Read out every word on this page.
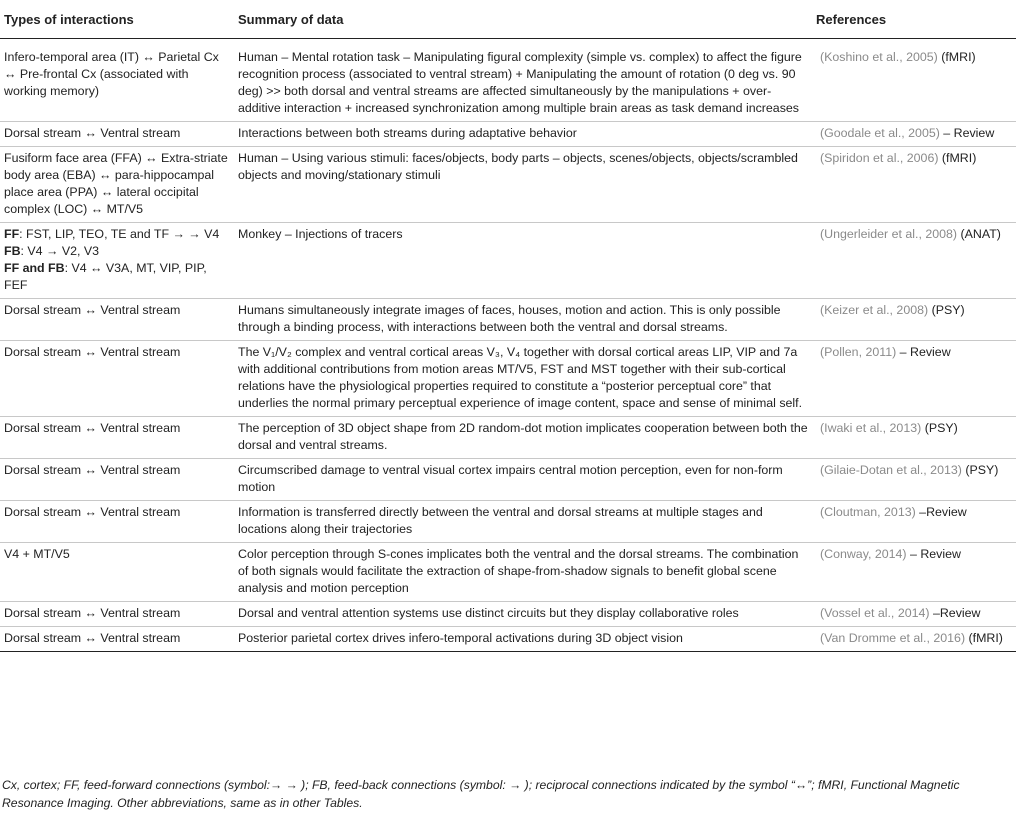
Types of interactions	Summary of data	References
Infero-temporal area (IT) ↔ Parietal Cx ↔ Pre-frontal Cx (associated with working memory)	Human – Mental rotation task – Manipulating figural complexity (simple vs. complex) to affect the figure recognition process (associated to ventral stream) + Manipulating the amount of rotation (0 deg vs. 90 deg) >> both dorsal and ventral streams are affected simultaneously by the manipulations + over-additive interaction + increased synchronization among multiple brain areas as task demand increases	(Koshino et al., 2005) (fMRI)
Dorsal stream ↔ Ventral stream	Interactions between both streams during adaptative behavior	(Goodale et al., 2005) – Review
Fusiform face area (FFA) ↔ Extra-striate body area (EBA) ↔ para-hippocampal place area (PPA) ↔ lateral occipital complex (LOC) ↔ MT/V5	Human – Using various stimuli: faces/objects, body parts – objects, scenes/objects, objects/scrambled objects and moving/stationary stimuli	(Spiridon et al., 2006) (fMRI)

FF: FST, LIP, TEO, TE and TF → → V4
FB: V4 → V2, V3
FF and FB: V4 ↔ V3A, MT, VIP, PIP, FEF	Monkey – Injections of tracers	(Ungerleider et al., 2008) (ANAT)
Dorsal stream ↔ Ventral stream	Humans simultaneously integrate images of faces, houses, motion and action. This is only possible through a binding process, with interactions between both the ventral and dorsal streams.	(Keizer et al., 2008) (PSY)
Dorsal stream ↔ Ventral stream	The V₁/V₂ complex and ventral cortical areas V₃, V₄ together with dorsal cortical areas LIP, VIP and 7a with additional contributions from motion areas MT/V5, FST and MST together with their sub-cortical relations have the physiological properties required to constitute a “posterior perceptual core” that underlies the normal primary perceptual experience of image content, space and sense of minimal self.	(Pollen, 2011) – Review
Dorsal stream ↔ Ventral stream	The perception of 3D object shape from 2D random-dot motion implicates cooperation between both the dorsal and ventral streams.	(Iwaki et al., 2013) (PSY)
Dorsal stream ↔ Ventral stream	Circumscribed damage to ventral visual cortex impairs central motion perception, even for non-form motion	(Gilaie-Dotan et al., 2013) (PSY)
Dorsal stream ↔ Ventral stream	Information is transferred directly between the ventral and dorsal streams at multiple stages and locations along their trajectories	(Cloutman, 2013) –Review
V4 + MT/V5	Color perception through S-cones implicates both the ventral and the dorsal streams. The combination of both signals would facilitate the extraction of shape-from-shadow signals to benefit global scene analysis and motion perception	(Conway, 2014) – Review
Dorsal stream ↔ Ventral stream	Dorsal and ventral attention systems use distinct circuits but they display collaborative roles	(Vossel et al., 2014) –Review
Dorsal stream ↔ Ventral stream	Posterior parietal cortex drives infero-temporal activations during 3D object vision	(Van Dromme et al., 2016) (fMRI)
Cx, cortex; FF, feed-forward connections (symbol:→ → ); FB, feed-back connections (symbol: → ); reciprocal connections indicated by the symbol “↔”; fMRI, Functional Magnetic Resonance Imaging. Other abbreviations, same as in other Tables.
